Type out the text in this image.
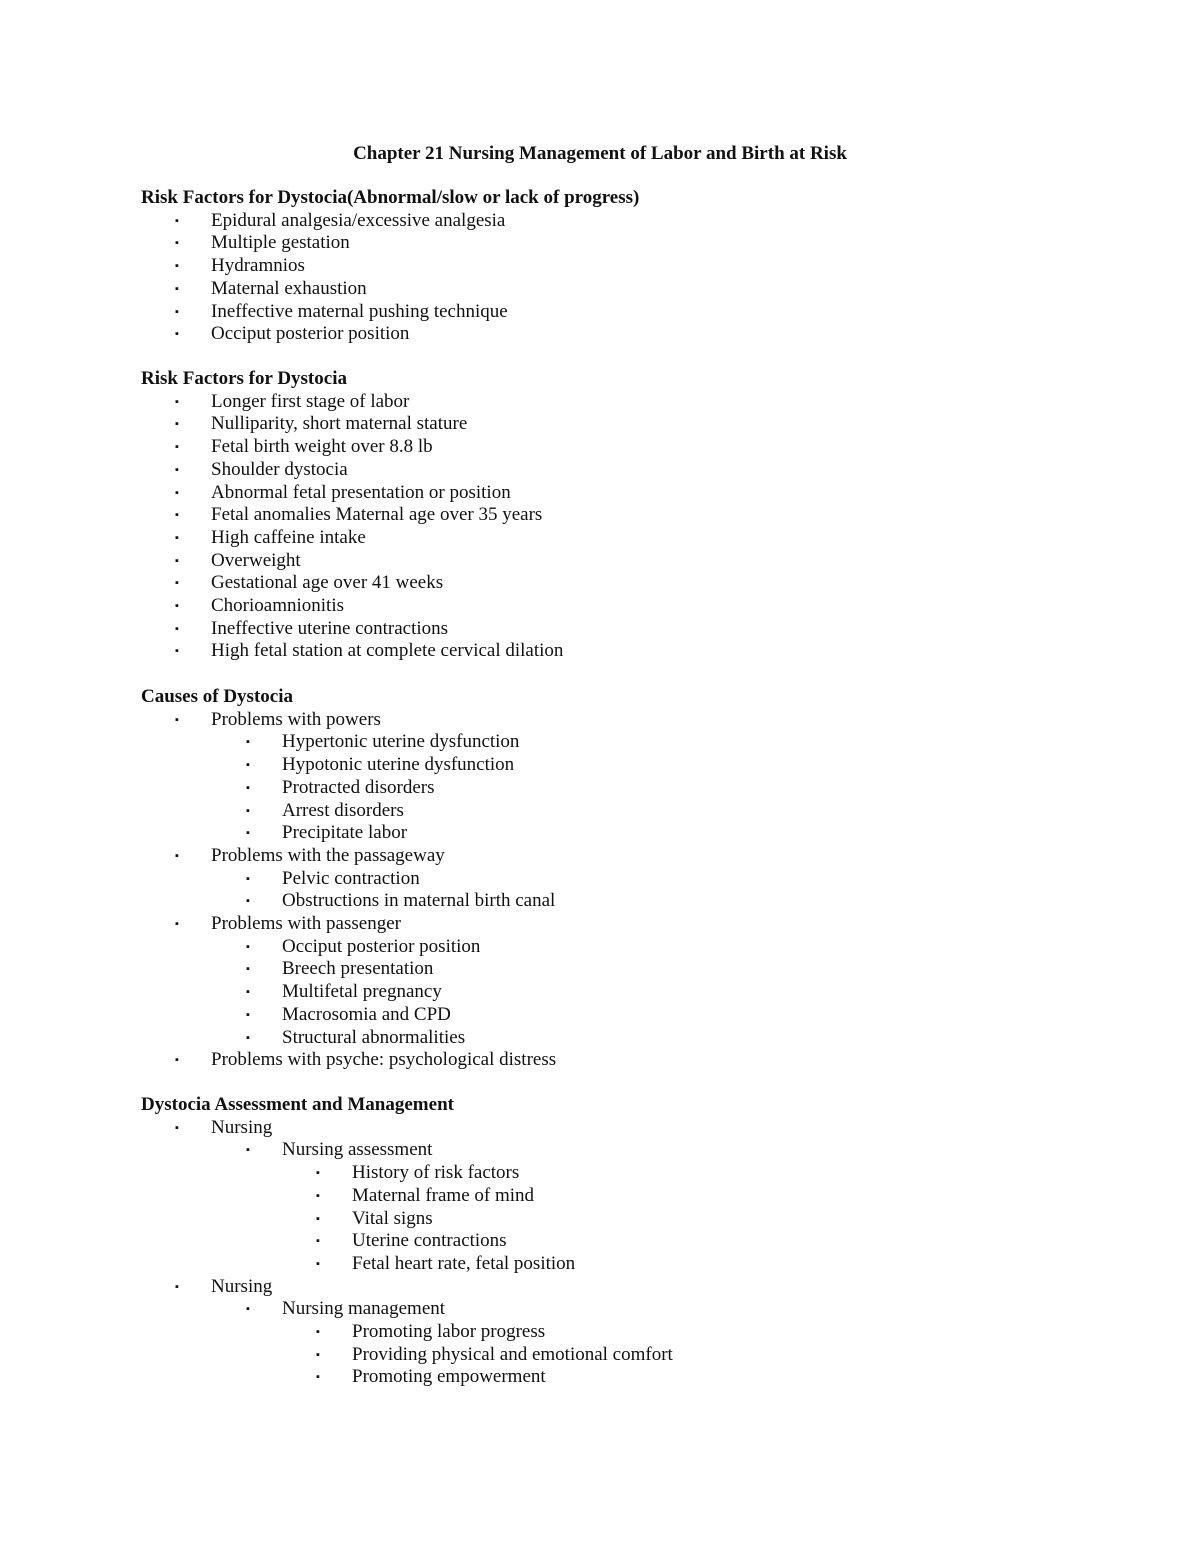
Chapter 21 Nursing Management of Labor and Birth at Risk
Risk Factors for Dystocia(Abnormal/slow or lack of progress)
▪ Epidural analgesia/excessive analgesia
▪ Multiple gestation
▪ Hydramnios
▪ Maternal exhaustion
▪ Ineffective maternal pushing technique
▪ Occiput posterior position
Risk Factors for Dystocia
▪ Longer first stage of labor
▪ Nulliparity, short maternal stature
▪ Fetal birth weight over 8.8 lb
▪ Shoulder dystocia
▪ Abnormal fetal presentation or position
▪ Fetal anomalies Maternal age over 35 years
▪ High caffeine intake
▪ Overweight
▪ Gestational age over 41 weeks
▪ Chorioamnionitis
▪ Ineffective uterine contractions
▪ High fetal station at complete cervical dilation
Causes of Dystocia
▪ Problems with powers
▪ Hypertonic uterine dysfunction
▪ Hypotonic uterine dysfunction
▪ Protracted disorders
▪ Arrest disorders
▪ Precipitate labor
▪ Problems with the passageway
▪ Pelvic contraction
▪ Obstructions in maternal birth canal
▪ Problems with passenger
▪ Occiput posterior position
▪ Breech presentation
▪ Multifetal pregnancy
▪ Macrosomia and CPD
▪ Structural abnormalities
▪ Problems with psyche: psychological distress
Dystocia Assessment and Management
▪ Nursing
▪ Nursing assessment
▪ History of risk factors
▪ Maternal frame of mind
▪ Vital signs
▪ Uterine contractions
▪ Fetal heart rate, fetal position
▪ Nursing
▪ Nursing management
▪ Promoting labor progress
▪ Providing physical and emotional comfort
▪ Promoting empowerment
